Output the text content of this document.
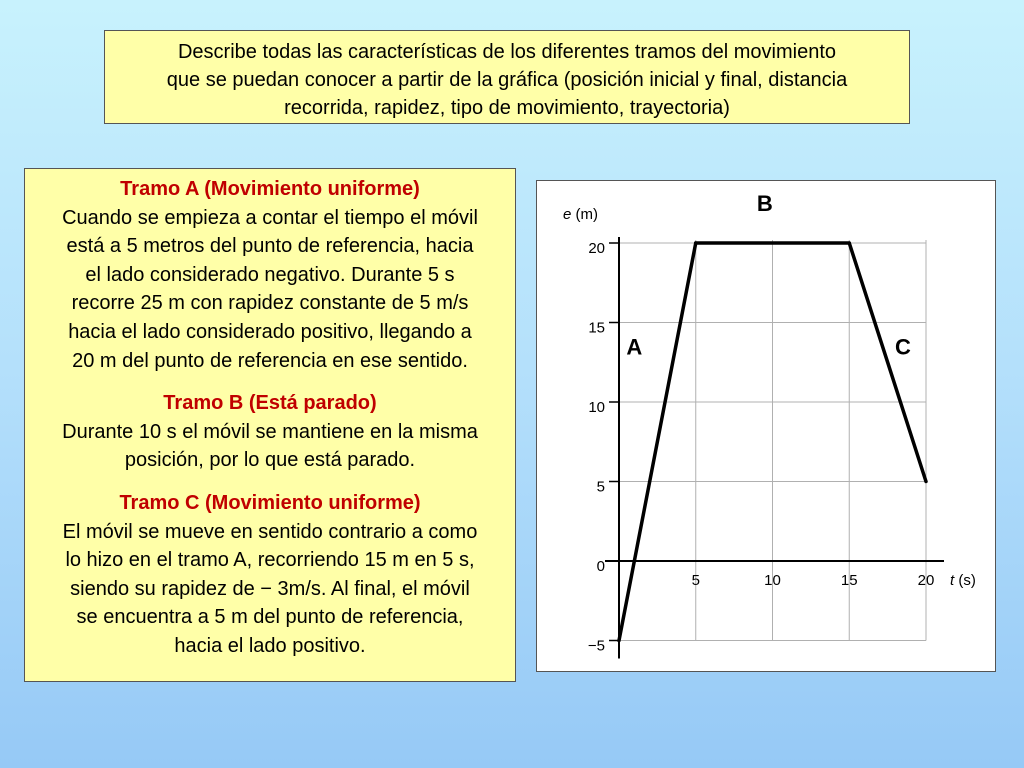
Describe todas las características de los diferentes tramos del movimiento
que se puedan conocer a partir de la gráfica (posición inicial y final, distancia
recorrida, rapidez, tipo de movimiento, trayectoria)
Tramo A (Movimiento uniforme)
Cuando se empieza a contar el tiempo el móvil
está a 5 metros del punto de referencia, hacia
el lado considerado negativo. Durante 5 s
recorre 25 m con rapidez constante de 5 m/s
hacia el lado considerado positivo, llegando a
20 m del punto de referencia en ese sentido.
Tramo B (Está parado)
Durante 10 s el móvil se mantiene en la misma
posición, por lo que está parado.
Tramo C (Movimiento uniforme)
El móvil se mueve en sentido contrario a como
lo hizo en el tramo A, recorriendo 15 m en 5 s,
siendo su rapidez de − 3m/s. Al final, el móvil
se encuentra a 5 m del punto de referencia,
hacia el lado positivo.	−5
0
5
10
15
20
5	10	15	20
e (m)
t (s)
A
B
C
